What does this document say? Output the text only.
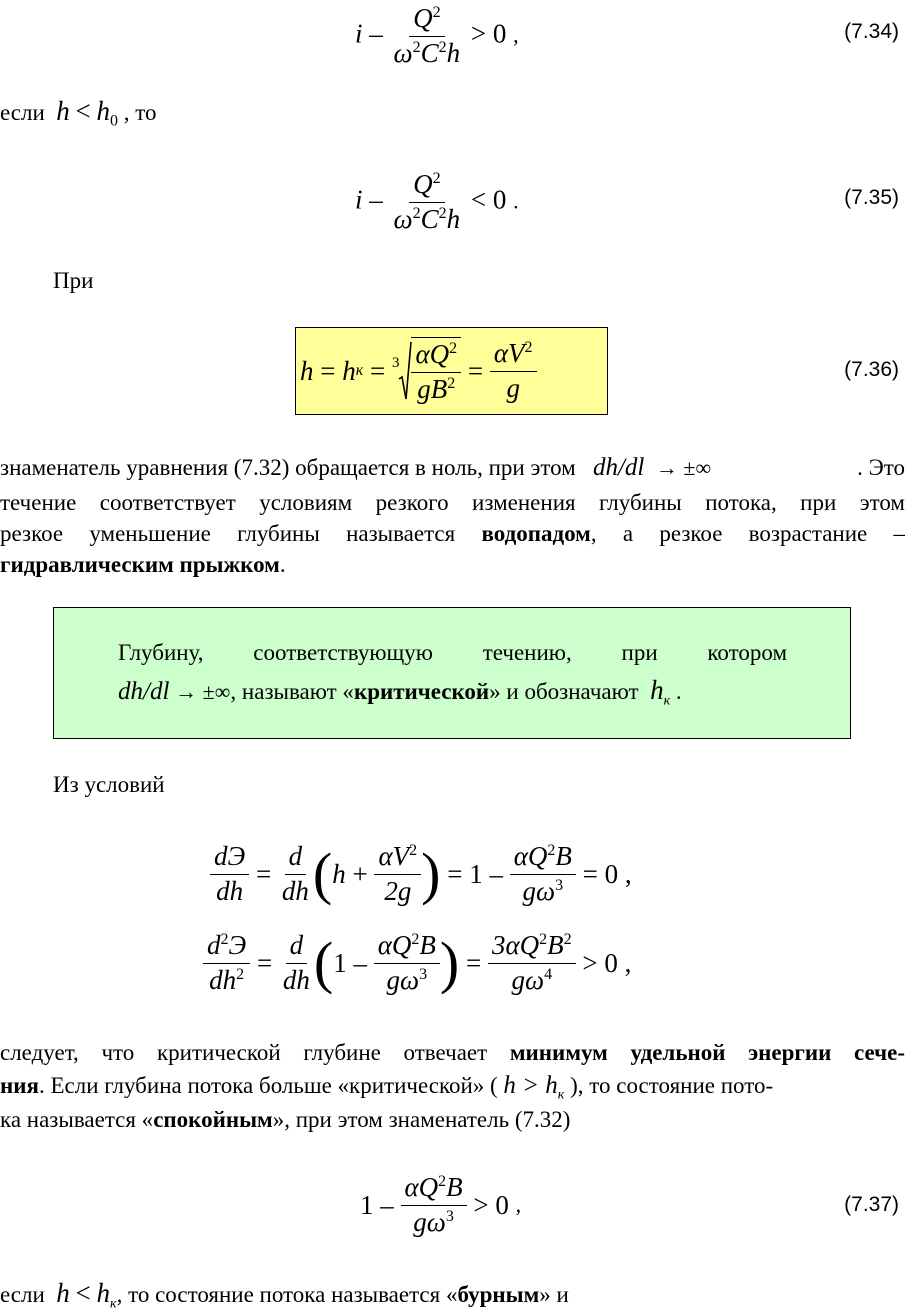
$i - \frac{Q^2}{\omega^2C^2h} > 0$ ,	(7.34)
если $h < h_0$ , то
$i - \frac{Q^2}{\omega^2C^2h} < 0$ .	(7.35)
При
h
=
h к
=
$3 \frac{\alpha Q^2}{gB^2}$
=
$\frac{\alpha V^2}{g}$	(7.36)
знаменатель уравнения (7.32) обращается в ноль, при этом dh/dl → ±∞	. Это
течение соответствует условиям резкого изменения глубины потока, при этом
резкое уменьшение глубины называется водопадом, а резкое возрастание –
гидравлическим прыжком.
Глубину, соответствующую течению, при котором
dh/dl → ±∞, называют «критической» и обозначают $h_к$ .
Из условий
$\frac{dЭ}{dh}$
=
$\frac{d}{dh}$ ( h
+
$\frac{\alpha V^2}{2g}$ )
= 1 –
$\frac{\alpha Q^2B}{g\omega^3}$
= 0 ,
$\frac{d^2Э}{dh^2}$
=
$\frac{d}{dh}$ ( 1 –
$\frac{\alpha Q^2B}{g\omega^3}$ )
=
$\frac{3\alpha Q^2B^2}{g\omega^4}$
> 0 ,
следует, что критической глубине отвечает минимум удельной энергии сече-
ния. Если глубина потока больше «критической» ( $h > h_к$ ), то состояние пото-
ка называется «спокойным», при этом знаменатель (7.32)
1 –
$\frac{\alpha Q^2B}{g\omega^3}$
> 0
,	(7.37)
если $h < h_к$, то состояние потока называется «бурным» и
